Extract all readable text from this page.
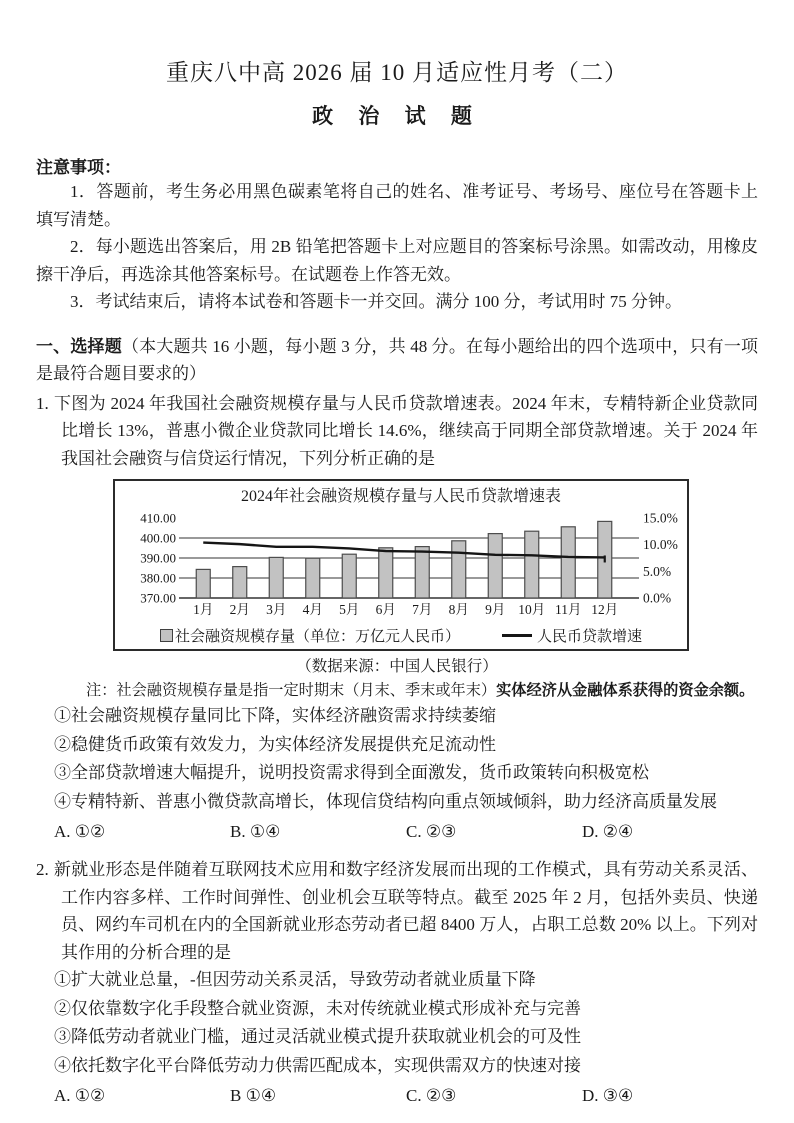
重庆八中高 2026 届 10 月适应性月考（二）
政 治 试 题
注意事项：

1．答题前，考生务必用黑色碳素笔将自己的姓名、准考证号、考场号、座位号在答题卡上填写清楚。

2．每小题选出答案后，用 2B 铅笔把答题卡上对应题目的答案标号涂黑。如需改动，用橡皮擦干净后，再选涂其他答案标号。在试题卷上作答无效。

3．考试结束后，请将本试卷和答题卡一并交回。满分 100 分，考试用时 75 分钟。

一、选择题（本大题共 16 小题，每小题 3 分，共 48 分。在每小题给出的四个选项中，只有一项是最符合题目要求的）

1. 下图为 2024 年我国社会融资规模存量与人民币贷款增速表。2024 年末，专精特新企业贷款同比增长 13%，普惠小微企业贷款同比增长 14.6%，继续高于同期全部贷款增速。关于 2024 年我国社会融资与信贷运行情况，下列分析正确的是

2024年社会融资规模存量与人民币贷款增速表
410.00
400.00
390.00
380.00
370.00
15.0%
10.0%
5.0%
0.0%
1月 2月 3月 4月 5月 6月 7月 8月 9月 10月 11月 12月
社会融资规模存量（单位：万亿元人民币）	人民币贷款增速
（数据来源：中国人民银行）

注：社会融资规模存量是指一定时期末（月末、季末或年末）实体经济从金融体系获得的资金余额。

①社会融资规模存量同比下降，实体经济融资需求持续萎缩

②稳健货币政策有效发力，为实体经济发展提供充足流动性

③全部贷款增速大幅提升，说明投资需求得到全面激发，货币政策转向积极宽松

④专精特新、普惠小微贷款高增长，体现信贷结构向重点领域倾斜，助力经济高质量发展

A. ①②	B. ①④	C. ②③	D. ②④

2. 新就业形态是伴随着互联网技术应用和数字经济发展而出现的工作模式，具有劳动关系灵活、工作内容多样、工作时间弹性、创业机会互联等特点。截至 2025 年 2 月，包括外卖员、快递员、网约车司机在内的全国新就业形态劳动者已超 8400 万人，占职工总数 20% 以上。下列对其作用的分析合理的是

①扩大就业总量，-但因劳动关系灵活，导致劳动者就业质量下降

②仅依靠数字化手段整合就业资源，未对传统就业模式形成补充与完善

③降低劳动者就业门槛，通过灵活就业模式提升获取就业机会的可及性

④依托数字化平台降低劳动力供需匹配成本，实现供需双方的快速对接

A. ①②	B ①④	C. ②③	D. ③④
